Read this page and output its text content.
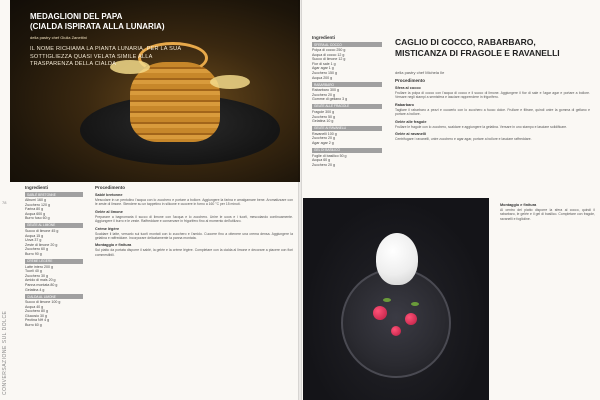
MEDAGLIONI DEL PAPA
(CIALDA ISPIRATA ALLA LUNARIA)
della pastry chef Giulia Zanettini
IL NOME RICHIAMA LA PIANTA LUNARIA, PER LA SUA SOTTIGLIEZZA QUASI VELATA SIMILE ALLA TRASPARENZA DELLA CIALDA
78
CONVERSAZIONE SUL DOLCE
Ingredienti
SABLÉ BRETONNE
Albumi 160 g
Zucchero 120 g
Farina 80 g
Acqua 600 g
Burro fuso 60 g
GELÉE AL LIMONE
Succo di limone 45 g
Acqua 15 g
Uova 37 g
Zeste di limone 20 g
Zucchero 60 g
Burro 90 g
CRÈME LÉGÈRE
Latte intero 200 g
Tuorli 40 g
Zucchero 30 g
Amido di mais 20 g
Panna montata 80 g
Gelatina 4 g
CIALDA AL LIMONE
Succo di limone 100 g
Acqua 40 g
Zucchero 80 g
Glucosio 30 g
Pectina NH 4 g
Burro 60 g
Procedimento
Sablé bretonne
Mescolare in un pentolino l'acqua con lo zucchero e portare a bollore. Aggiungere la farina e amalgamare bene. Aromatizzare con le zeste di limone. Stendere su un tappetino in silicone e cuocere in forno a 160 °C per 15 minuti.
Gelée al limone
Preparare a bagnomaria il succo di limone con l'acqua e lo zucchero. Unire le uova e i tuorli, mescolando continuamente. Aggiungere il burro e le zeste. Raffreddare e conservare in frigorifero fino al momento dell'utilizzo.
Crème légère
Scaldare il latte, versarlo sui tuorli montati con lo zucchero e l'amido. Cuocere fino a ottenere una crema densa. Aggiungere la gelatina e raffreddare. Incorporare delicatamente la panna montata.
Montaggio e finitura
Sul piatto da portata disporre il sablé, la gelée e la crème légère. Completare con la cialda al limone e decorare a piacere con fiori commestibili.
Ingredienti
SFERA AL COCCO
Polpa di cocco 250 g
Acqua di cocco 12 g
Succo di limone 12 g
Fior di sale 1 g
Agar agar 1 g
Zucchero 150 g
Acqua 200 g
RABARBARO
Rabarbaro 300 g
Zucchero 20 g
Gomme di gellano 3 g
GELÉE ALLE FRAGOLE
Fragole 300 g
Zucchero 50 g
Gelatina 10 g
GELÉE AI RAVANELLI
Ravanelli 100 g
Zucchero 20 g
Agar agar 2 g
GEL DI BASILICO
Foglie di basilico 50 g
Acqua 60 g
Zucchero 20 g
CAGLIO DI COCCO, RABARBARO,
MISTICANZA DI FRAGOLE E RAVANELLI
della pastry chef Michela Ile
Procedimento
Sfera al cocco
Frullare la polpa di cocco con l'acqua di cocco e il succo di limone. Aggiungere il fior di sale e l'agar agar e portare a bollore. Versare negli stampi a semisfera e lasciare rapprendere in frigorifero.
Rabarbaro
Tagliare il rabarbaro a pezzi e cuocerlo con lo zucchero a fuoco dolce. Frullare e filtrare, quindi unire la gomma di gellano e portare a bollore.
Gelée alle fragole
Frullare le fragole con lo zucchero, scaldare e aggiungere la gelatina. Versare in uno stampo e lasciare solidificare.
Gelée ai ravanelli
Centrifugare i ravanelli, unire zucchero e agar agar, portare a bollore e lasciare raffreddare.
Montaggio e finitura
Al centro del piatto disporre la sfera al cocco, quindi il rabarbaro, le gelée e il gel di basilico. Completare con fragole, ravanelli e foglioline.
